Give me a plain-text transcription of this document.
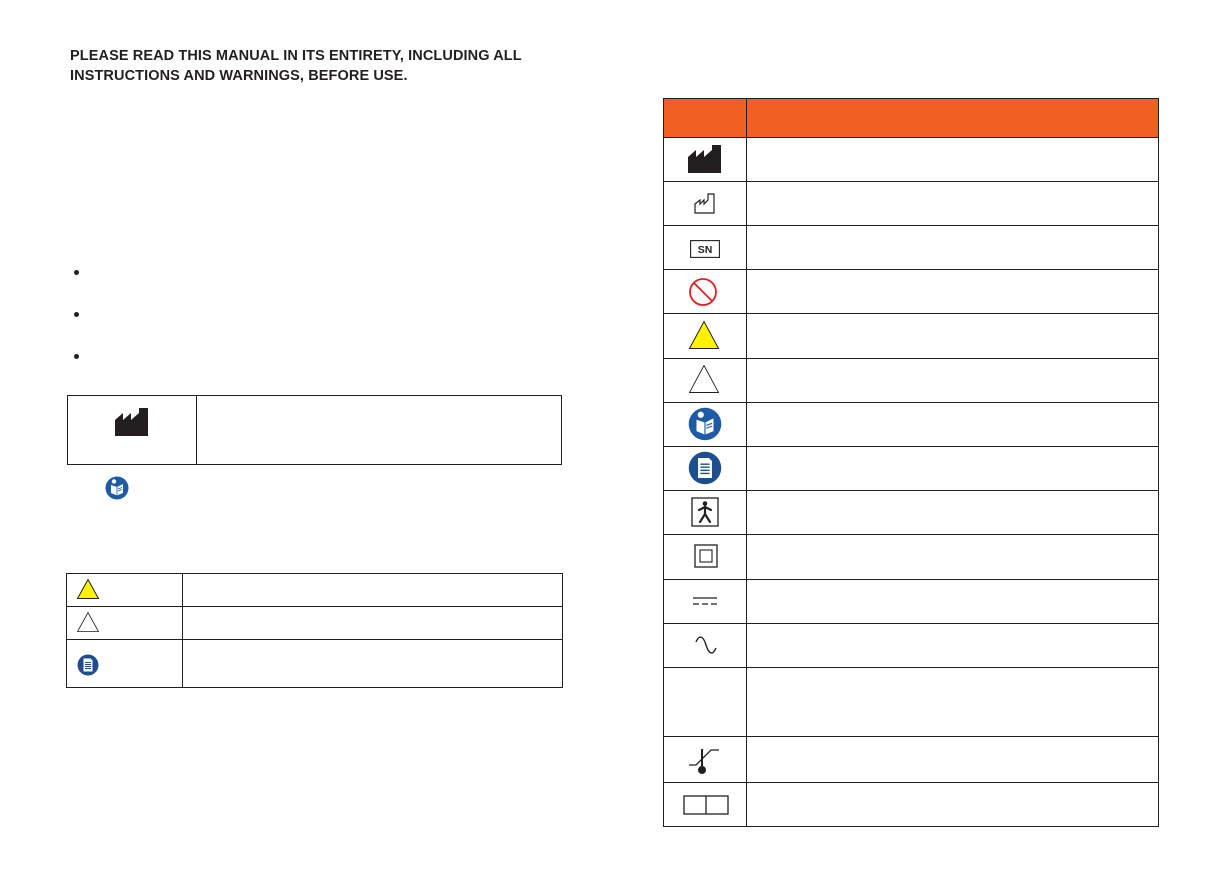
PLEASE READ THIS MANUAL IN ITS ENTIRETY, INCLUDING ALL
INSTRUCTIONS AND WARNINGS, BEFORE USE.
SN
